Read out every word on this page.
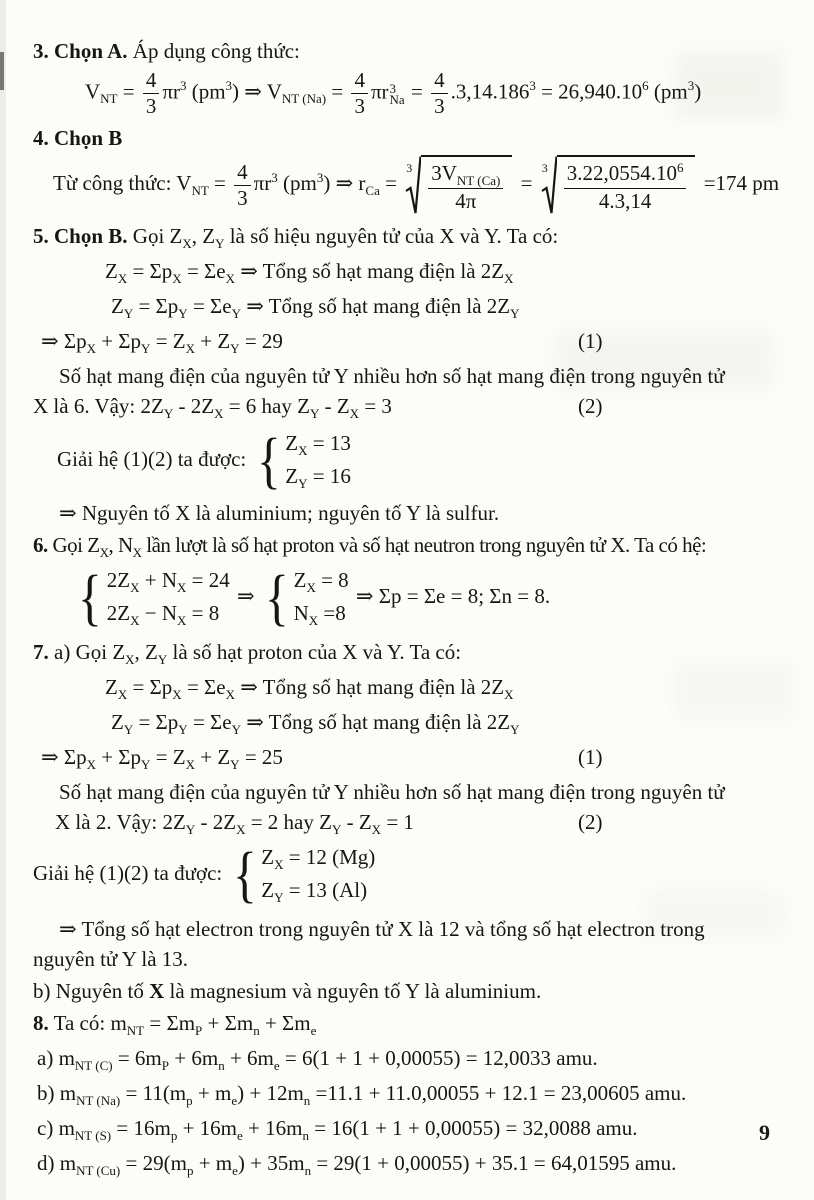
3. Chọn A. Áp dụng công thức:
$V_{NT} = \frac{4}{3} \pi r^3$ $(pm^3)$ ⇒ $V_{NT (Na)} = \frac{4}{3}$ πr 3
$Na = \frac{4}{3} .3,14.186^3 = 26,940.10^6$ $(pm^3)$
4. Chọn B
Từ công thức: $V_{NT} = \frac{4}{3} \pi r^3$ $(pm^3)$ ⇒ $r_{Ca}$ =
$3 \frac{3V_{NT (Ca)}}{4\pi}$ =
$3 \frac{3.22,0554.10^6}{4.3,14} =174$ pm
5. Chọn B. Gọi $Z_X$, $Z_Y$ là số hiệu nguyên tử của X và Y. Ta có:
$Z_X = \Sigma p_X = \Sigma e_X$ ⇒ Tổng số hạt mang điện là $2Z_X$
$Z_Y = \Sigma p_Y = \Sigma e_Y$ ⇒ Tổng số hạt mang điện là $2Z_Y$
⇒ $\Sigma p_X + \Sigma p_Y = Z_X + Z_Y = 29$	(1)
Số hạt mang điện của nguyên tử Y nhiều hơn số hạt mang điện trong nguyên tử
X là 6. Vậy: $2Z_Y - 2Z_X = 6$ hay $Z_Y - Z_X = 3$	(2)
Giải hệ (1)(2) ta được: { $Z_X = 13$
$Z_Y = 16$
⇒ Nguyên tố X là aluminium; nguyên tố Y là sulfur.
6. Gọi $Z_X$, $N_X$ lần lượt là số hạt proton và số hạt neutron trong nguyên tử X. Ta có hệ:
{ $2Z_X + N_X = 24$
$2Z_X - N_X = 8$
⇒ { $Z_X = 8$
$N_X =8$
⇒ Σp = Σe = 8; Σn = 8.
7. a) Gọi $Z_X$, $Z_Y$ là số hạt proton của X và Y. Ta có:
$Z_X = \Sigma p_X = \Sigma e_X$ ⇒ Tổng số hạt mang điện là $2Z_X$
$Z_Y = \Sigma p_Y = \Sigma e_Y$ ⇒ Tổng số hạt mang điện là $2Z_Y$
⇒ $\Sigma p_X + \Sigma p_Y = Z_X + Z_Y = 25$	(1)
Số hạt mang điện của nguyên tử Y nhiều hơn số hạt mang điện trong nguyên tử
X là 2. Vậy: $2Z_Y - 2Z_X = 2$ hay $Z_Y - Z_X = 1$	(2)
Giải hệ (1)(2) ta được: { $Z_X = 12$ (Mg)
$Z_Y = 13$ (Al)
⇒ Tổng số hạt electron trong nguyên tử X là 12 và tổng số hạt electron trong
nguyên tử Y là 13.
b) Nguyên tố X là magnesium và nguyên tố Y là aluminium.
8. Ta có: $m_{NT} = \Sigma m_P + \Sigma m_n + \Sigma m_e$
a) $m_{NT (C)} = 6m_P + 6m_n + 6m_e = 6(1 + 1 + 0,00055) = 12,0033$ amu.
b) $m_{NT (Na)} = 11(m_p + m_e) + 12m_n =11.1 + 11.0,00055 + 12.1 = 23,00605$ amu.
c) $m_{NT (S)} = 16m_p + 16m_e + 16m_n = 16(1 + 1 + 0,00055) = 32,0088$ amu.
d) $m_{NT (Cu)} = 29(m_p + m_e) + 35m_n = 29(1 + 0,00055) + 35.1 = 64,01595$ amu.
9
